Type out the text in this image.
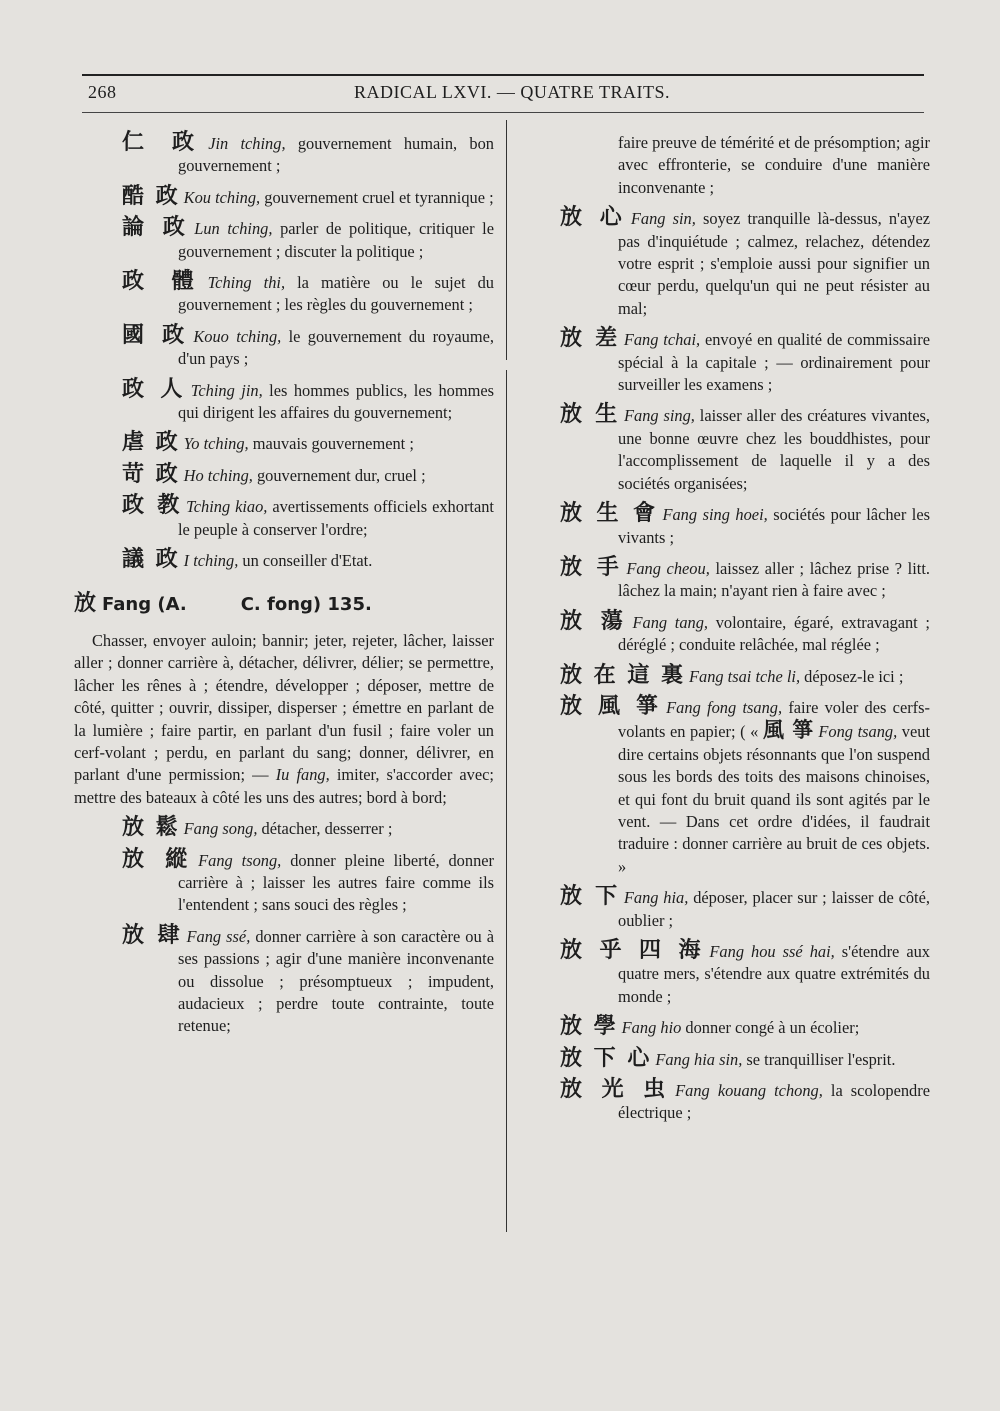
268	RADICAL LXVI. — QUATRE TRAITS.
仁 政 Jin tching, gouvernement humain, bon gouvernement ;
酷 政 Kou tching, gouvernement cruel et tyrannique ;
論 政 Lun tching, parler de politique, critiquer le gouvernement ; discuter la politique ;
政 體 Tching thi, la matière ou le sujet du gouvernement ; les règles du gouvernement ;
國 政 Kouo tching, le gouvernement du royaume, d'un pays ;
政 人 Tching jin, les hommes publics, les hommes qui dirigent les affaires du gouvernement;
虐 政 Yo tching, mauvais gouvernement ;
苛 政 Ho tching, gouvernement dur, cruel ;
政 教 Tching kiao, avertissements officiels exhortant le peuple à conserver l'ordre;
議 政 I tching, un conseiller d'Etat.
放 Fang (A.	C. fong) 135.
Chasser, envoyer auloin; bannir; jeter, rejeter, lâcher, laisser aller ; donner carrière à, détacher, délivrer, délier; se permettre, lâcher les rênes à ; étendre, développer ; déposer, mettre de côté, quitter ; ouvrir, dissiper, disperser ; émettre en parlant de la lumière ; faire partir, en parlant d'un fusil ; faire voler un cerf-volant ; perdu, en parlant du sang; donner, délivrer, en parlant d'une permission; — Iu fang, imiter, s'accorder avec; mettre des bateaux à côté les uns des autres; bord à bord;
放 鬆 Fang song, détacher, desserrer ;
放 縱 Fang tsong, donner pleine liberté, donner carrière à ; laisser les autres faire comme ils l'entendent ; sans souci des règles ;
放 肆 Fang ssé, donner carrière à son caractère ou à ses passions ; agir d'une manière inconvenante ou dissolue ; présomptueux ; impudent, audacieux ; perdre toute contrainte, toute retenue;
faire preuve de témérité et de présomption; agir avec effronterie, se conduire d'une manière inconvenante ;
放 心 Fang sin, soyez tranquille là-dessus, n'ayez pas d'inquiétude ; calmez, relachez, détendez votre esprit ; s'emploie aussi pour signifier un cœur perdu, quelqu'un qui ne peut résister au mal;
放 差 Fang tchai, envoyé en qualité de commissaire spécial à la capitale ; — ordinairement pour surveiller les examens ;
放 生 Fang sing, laisser aller des créatures vivantes, une bonne œuvre chez les bouddhistes, pour l'accomplissement de laquelle il y a des sociétés organisées;
放 生 會 Fang sing hoei, sociétés pour lâcher les vivants ;
放 手 Fang cheou, laissez aller ; lâchez prise ? litt. lâchez la main; n'ayant rien à faire avec ;
放 蕩 Fang tang, volontaire, égaré, extravagant ; déréglé ; conduite relâchée, mal réglée ;
放 在 這 裏 Fang tsai tche li, déposez-le ici ;
放 風 箏 Fang fong tsang, faire voler des cerfs-volants en papier; ( « 風 箏 Fong tsang, veut dire certains objets résonnants que l'on suspend sous les bords des toits des maisons chinoises, et qui font du bruit quand ils sont agités par le vent. — Dans cet ordre d'idées, il faudrait traduire : donner carrière au bruit de ces objets. »
放 下 Fang hia, déposer, placer sur ; laisser de côté, oublier ;
放 乎 四 海 Fang hou ssé hai, s'étendre aux quatre mers, s'étendre aux quatre extrémités du monde ;
放 學 Fang hio donner congé à un écolier;
放 下 心 Fang hia sin, se tranquilliser l'esprit.
放 光 虫 Fang kouang tchong, la scolopendre électrique ;
